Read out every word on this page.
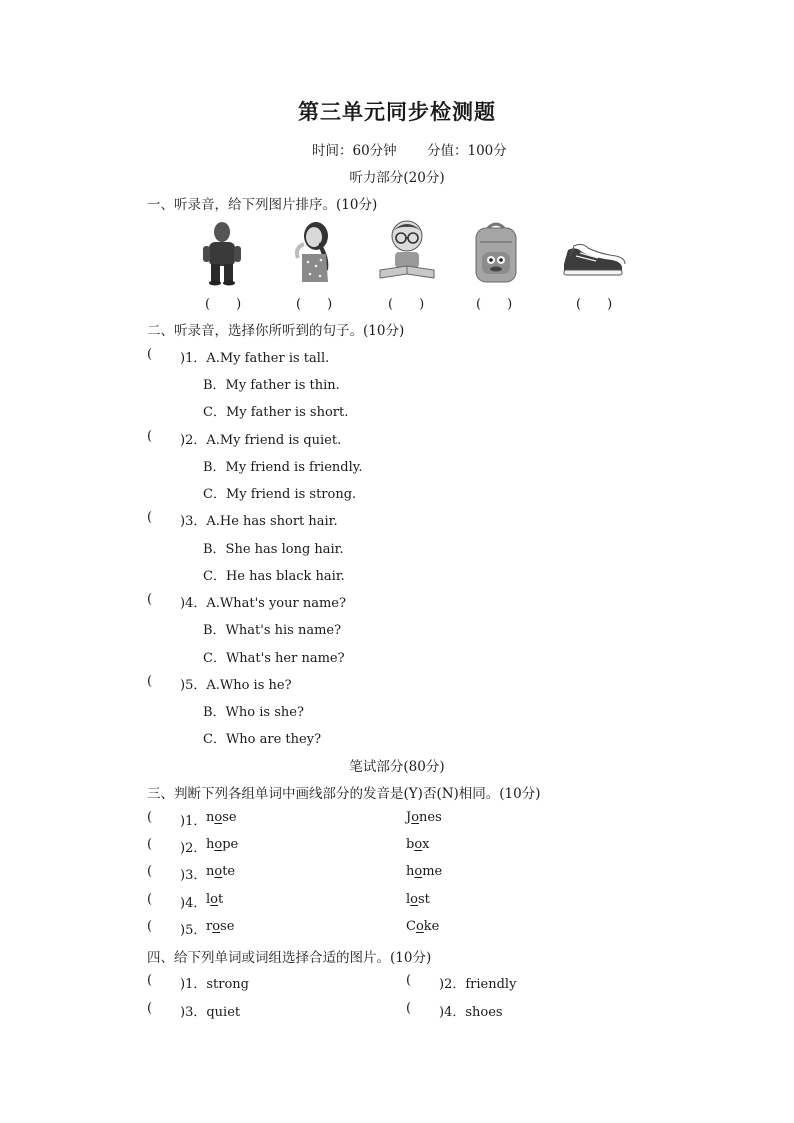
第三单元同步检测题
时间：60分钟 分值：100分
听力部分(20分)
一、听录音，给下列图片排序。(10分)
(　　)	(　　)	(　　)	(　　)	(　　)
二、听录音，选择你所听到的句子。(10分)
( )1．A.My father is tall.
B．My father is thin.
C．My father is short.
( )2．A.My friend is quiet.
B．My friend is friendly.
C．My friend is strong.
( )3．A.He has short hair.
B．She has long hair.
C．He has black hair.
( )4．A.What's your name?
B．What's his name?
C．What's her name?
( )5．A.Who is he?
B．Who is she?
C．Who are they?
笔试部分(80分)
三、判断下列各组单词中画线部分的发音是(Y)否(N)相同。(10分)
( )1． nose	Jones
( )2． hope	box
( )3． note	home
( )4． lot	lost
( )5． rose	Coke
四、给下列单词或词组选择合适的图片。(10分)
( )1．strong	( )2．friendly
( )3．quiet	( )4．shoes
